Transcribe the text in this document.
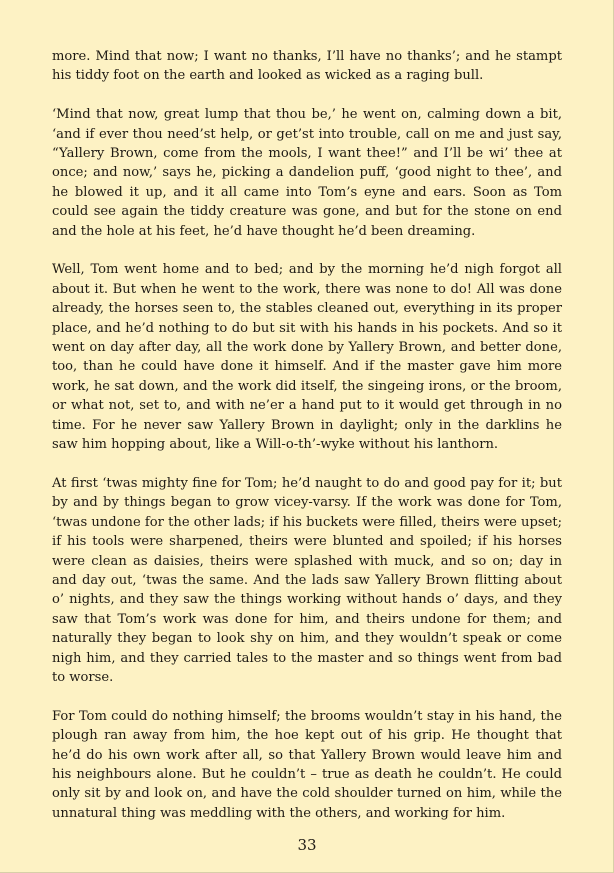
more. Mind that now; I want no thanks, I’ll have no thanks’; and he stampt his tiddy foot on the earth and looked as wicked as a raging bull.

‘Mind that now, great lump that thou be,’ he went on, calming down a bit, ‘and if ever thou need’st help, or get’st into trouble, call on me and just say, “Yallery Brown, come from the mools, I want thee!” and I’ll be wi’ thee at once; and now,’ says he, picking a dandelion puff, ‘good night to thee’, and he blowed it up, and it all came into Tom’s eyne and ears. Soon as Tom could see again the tiddy creature was gone, and but for the stone on end and the hole at his feet, he’d have thought he’d been dreaming.

Well, Tom went home and to bed; and by the morning he’d nigh forgot all about it. But when he went to the work, there was none to do! All was done already, the horses seen to, the stables cleaned out, everything in its proper place, and he’d nothing to do but sit with his hands in his pockets. And so it went on day after day, all the work done by Yallery Brown, and better done, too, than he could have done it himself. And if the master gave him more work, he sat down, and the work did itself, the singeing irons, or the broom, or what not, set to, and with ne’er a hand put to it would get through in no time. For he never saw Yallery Brown in daylight; only in the darklins he saw him hopping about, like a Will-o-th’-wyke without his lanthorn.

At first ‘twas mighty fine for Tom; he’d naught to do and good pay for it; but by and by things began to grow vicey-varsy. If the work was done for Tom, ‘twas undone for the other lads; if his buckets were filled, theirs were upset; if his tools were sharpened, theirs were blunted and spoiled; if his horses were clean as daisies, theirs were splashed with muck, and so on; day in and day out, ‘twas the same. And the lads saw Yallery Brown flitting about o’ nights, and they saw the things working without hands o’ days, and they saw that Tom’s work was done for him, and theirs undone for them; and naturally they began to look shy on him, and they wouldn’t speak or come nigh him, and they carried tales to the master and so things went from bad to worse.

For Tom could do nothing himself; the brooms wouldn’t stay in his hand, the plough ran away from him, the hoe kept out of his grip. He thought that he’d do his own work after all, so that Yallery Brown would leave him and his neighbours alone. But he couldn’t – true as death he couldn’t. He could only sit by and look on, and have the cold shoulder turned on him, while the unnatural thing was meddling with the others, and working for him.

33
